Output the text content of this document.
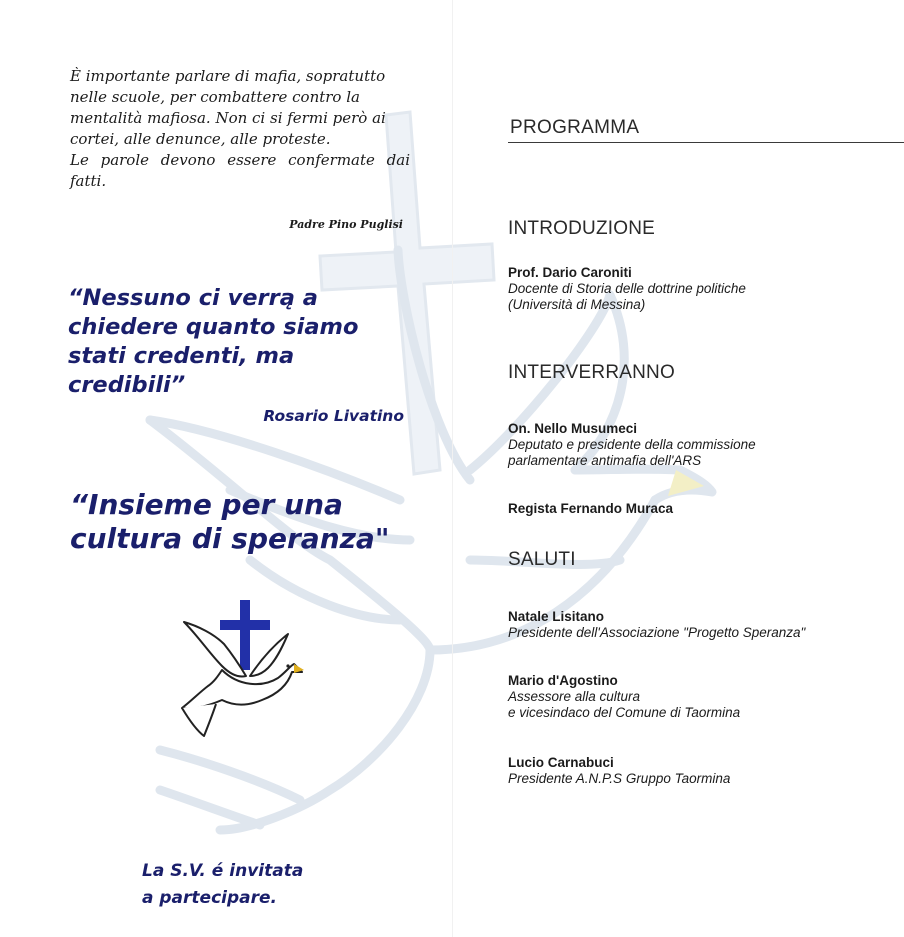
È importante parlare di mafia, sopratutto
nelle scuole, per combattere contro la
mentalità mafiosa. Non ci si fermi però ai
cortei, alle denunce, alle proteste.
Le parole devono essere confermate dai fatti.
Padre Pino Puglisi
“Nessuno ci verrą a
chiedere quanto siamo
stati credenti, ma
credibili”
Rosario Livatino
“Insieme per una
cultura di speranza"
La S.V. é invitata
a partecipare.
PROGRAMMA
INTRODUZIONE
Prof. Dario Caroniti
Docente di Storia delle dottrine politiche
(Università di Messina)
INTERVERRANNO
On. Nello Musumeci
Deputato e presidente della commissione
parlamentare antimafia dell'ARS
Regista Fernando Muraca
SALUTI
Natale Lisitano
Presidente dell'Associazione "Progetto Speranza"
Mario d'Agostino
Assessore alla cultura
e vicesindaco del Comune di Taormina
Lucio Carnabuci
Presidente A.N.P.S Gruppo Taormina
